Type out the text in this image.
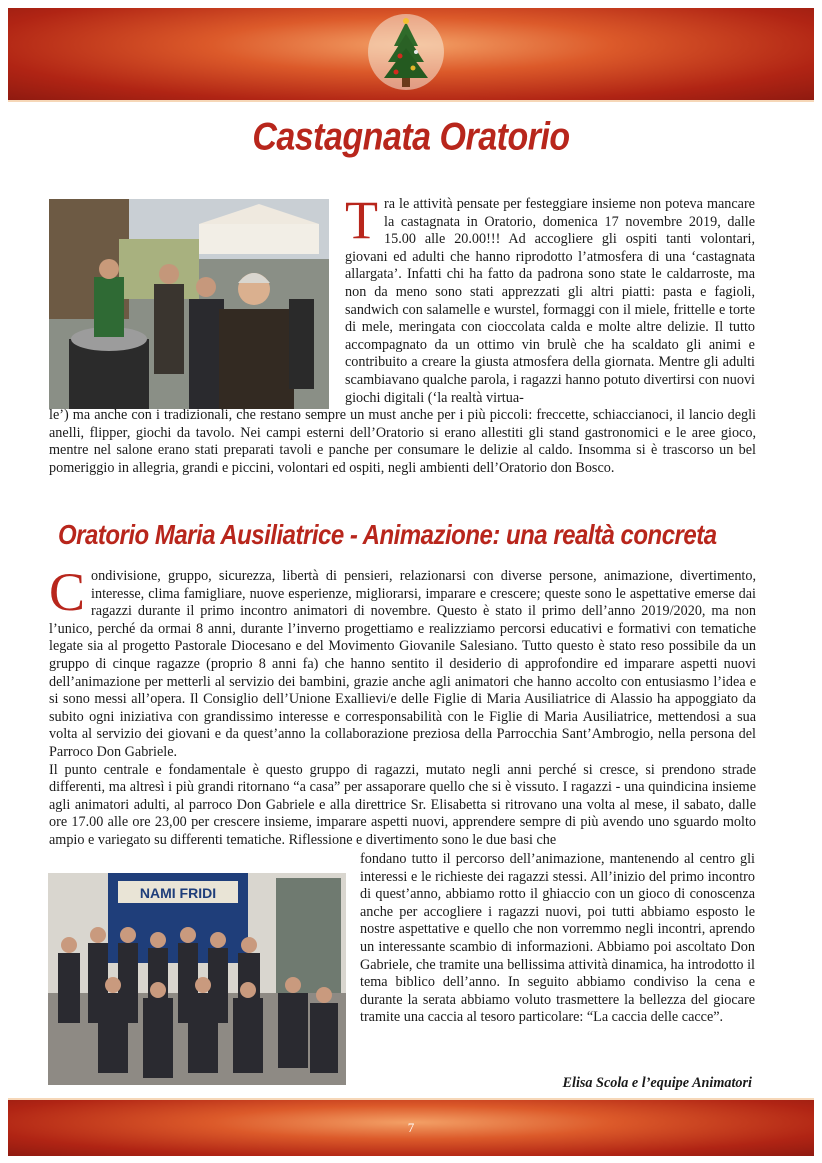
Castagnata Oratorio
Tra le attività pensate per festeggiare insieme non poteva mancare la castagnata in Oratorio, domenica 17 novembre 2019, dalle 15.00 alle 20.00!!! Ad accogliere gli ospiti tanti volontari, giovani ed adulti che hanno riprodotto l’atmosfera di una ‘castagnata allargata’. Infatti chi ha fatto da padrona sono state le caldarroste, ma non da meno sono stati apprezzati gli altri piatti: pasta e fagioli, sandwich con salamelle e wurstel, formaggi con il miele, frittelle e torte di mele, meringata con cioccolata calda e molte altre delizie. Il tutto accompagnato da un ottimo vin brulè che ha scaldato gli animi e contribuito a creare la giusta atmosfera della giornata. Mentre gli adulti scambiavano qualche parola, i ragazzi hanno potuto divertirsi con nuovi giochi digitali (‘la realtà virtua-

le’) ma anche con i tradizionali, che restano sempre un must anche per i più piccoli: freccette, schiaccianoci, il lancio degli anelli, flipper, giochi da tavolo. Nei campi esterni dell’Oratorio si erano allestiti gli stand gastronomici e le aree gioco, mentre nel salone erano stati preparati tavoli e panche per consumare le delizie al caldo. Insomma si è trascorso un bel pomeriggio in allegria, grandi e piccini, volontari ed ospiti, negli ambienti dell’Oratorio don Bosco.

Oratorio Maria Ausiliatrice - Animazione: una realtà concreta
Condivisione, gruppo, sicurezza, libertà di pensieri, relazionarsi con diverse persone, animazione, divertimento, interesse, clima famigliare, nuove esperienze, migliorarsi, imparare e crescere; queste sono le aspettative emerse dai ragazzi durante il primo incontro animatori di novembre. Questo è stato il primo dell’anno 2019/2020, ma non l’unico, perché da ormai 8 anni, durante l’inverno progettiamo e realizziamo percorsi educativi e formativi con tematiche legate sia al progetto Pastorale Diocesano e del Movimento Giovanile Salesiano. Tutto questo è stato reso possibile da un gruppo di cinque ragazze (proprio 8 anni fa) che hanno sentito il desiderio di approfondire ed imparare aspetti nuovi dell’animazione per metterli al servizio dei bambini, grazie anche agli animatori che hanno accolto con entusiasmo l’idea e si sono messi all’opera. Il Consiglio dell’Unione Exallievi/e delle Figlie di Maria Ausiliatrice di Alassio ha appoggiato da subito ogni iniziativa con grandissimo interesse e corresponsabilità con le Figlie di Maria Ausiliatrice, mettendosi a sua volta al servizio dei giovani e da quest’anno la collaborazione preziosa della Parrocchia Sant’Ambrogio, nella persona del Parroco Don Gabriele.
Il punto centrale e fondamentale è questo gruppo di ragazzi, mutato negli anni perché si cresce, si prendono strade differenti, ma altresì i più grandi ritornano “a casa” per assaporare quello che si è vissuto. I ragazzi - una quindicina insieme agli animatori adulti, al parroco Don Gabriele e alla direttrice Sr. Elisabetta si ritrovano una volta al mese, il sabato, dalle ore 17.00 alle ore 23,00 per crescere insieme, imparare aspetti nuovi, apprendere sempre di più avendo uno sguardo molto ampio e variegato su differenti tematiche. Riflessione e divertimento sono le due basi che
NAMI FRIDI

fondano tutto il percorso dell’animazione, mantenendo al centro gli interessi e le richieste dei ragazzi stessi. All’inizio del primo incontro di quest’anno, abbiamo rotto il ghiaccio con un gioco di conoscenza anche per accogliere i ragazzi nuovi, poi tutti abbiamo esposto le nostre aspettative e quello che non vorremmo negli incontri, aprendo un interessante scambio di informazioni. Abbiamo poi ascoltato Don Gabriele, che tramite una bellissima attività dinamica, ha introdotto il tema biblico dell’anno. In seguito abbiamo condiviso la cena e durante la serata abbiamo voluto trasmettere la bellezza del giocare tramite una caccia al tesoro particolare: “La caccia delle cacce”.

Elisa Scola e l’equipe Animatori
7
